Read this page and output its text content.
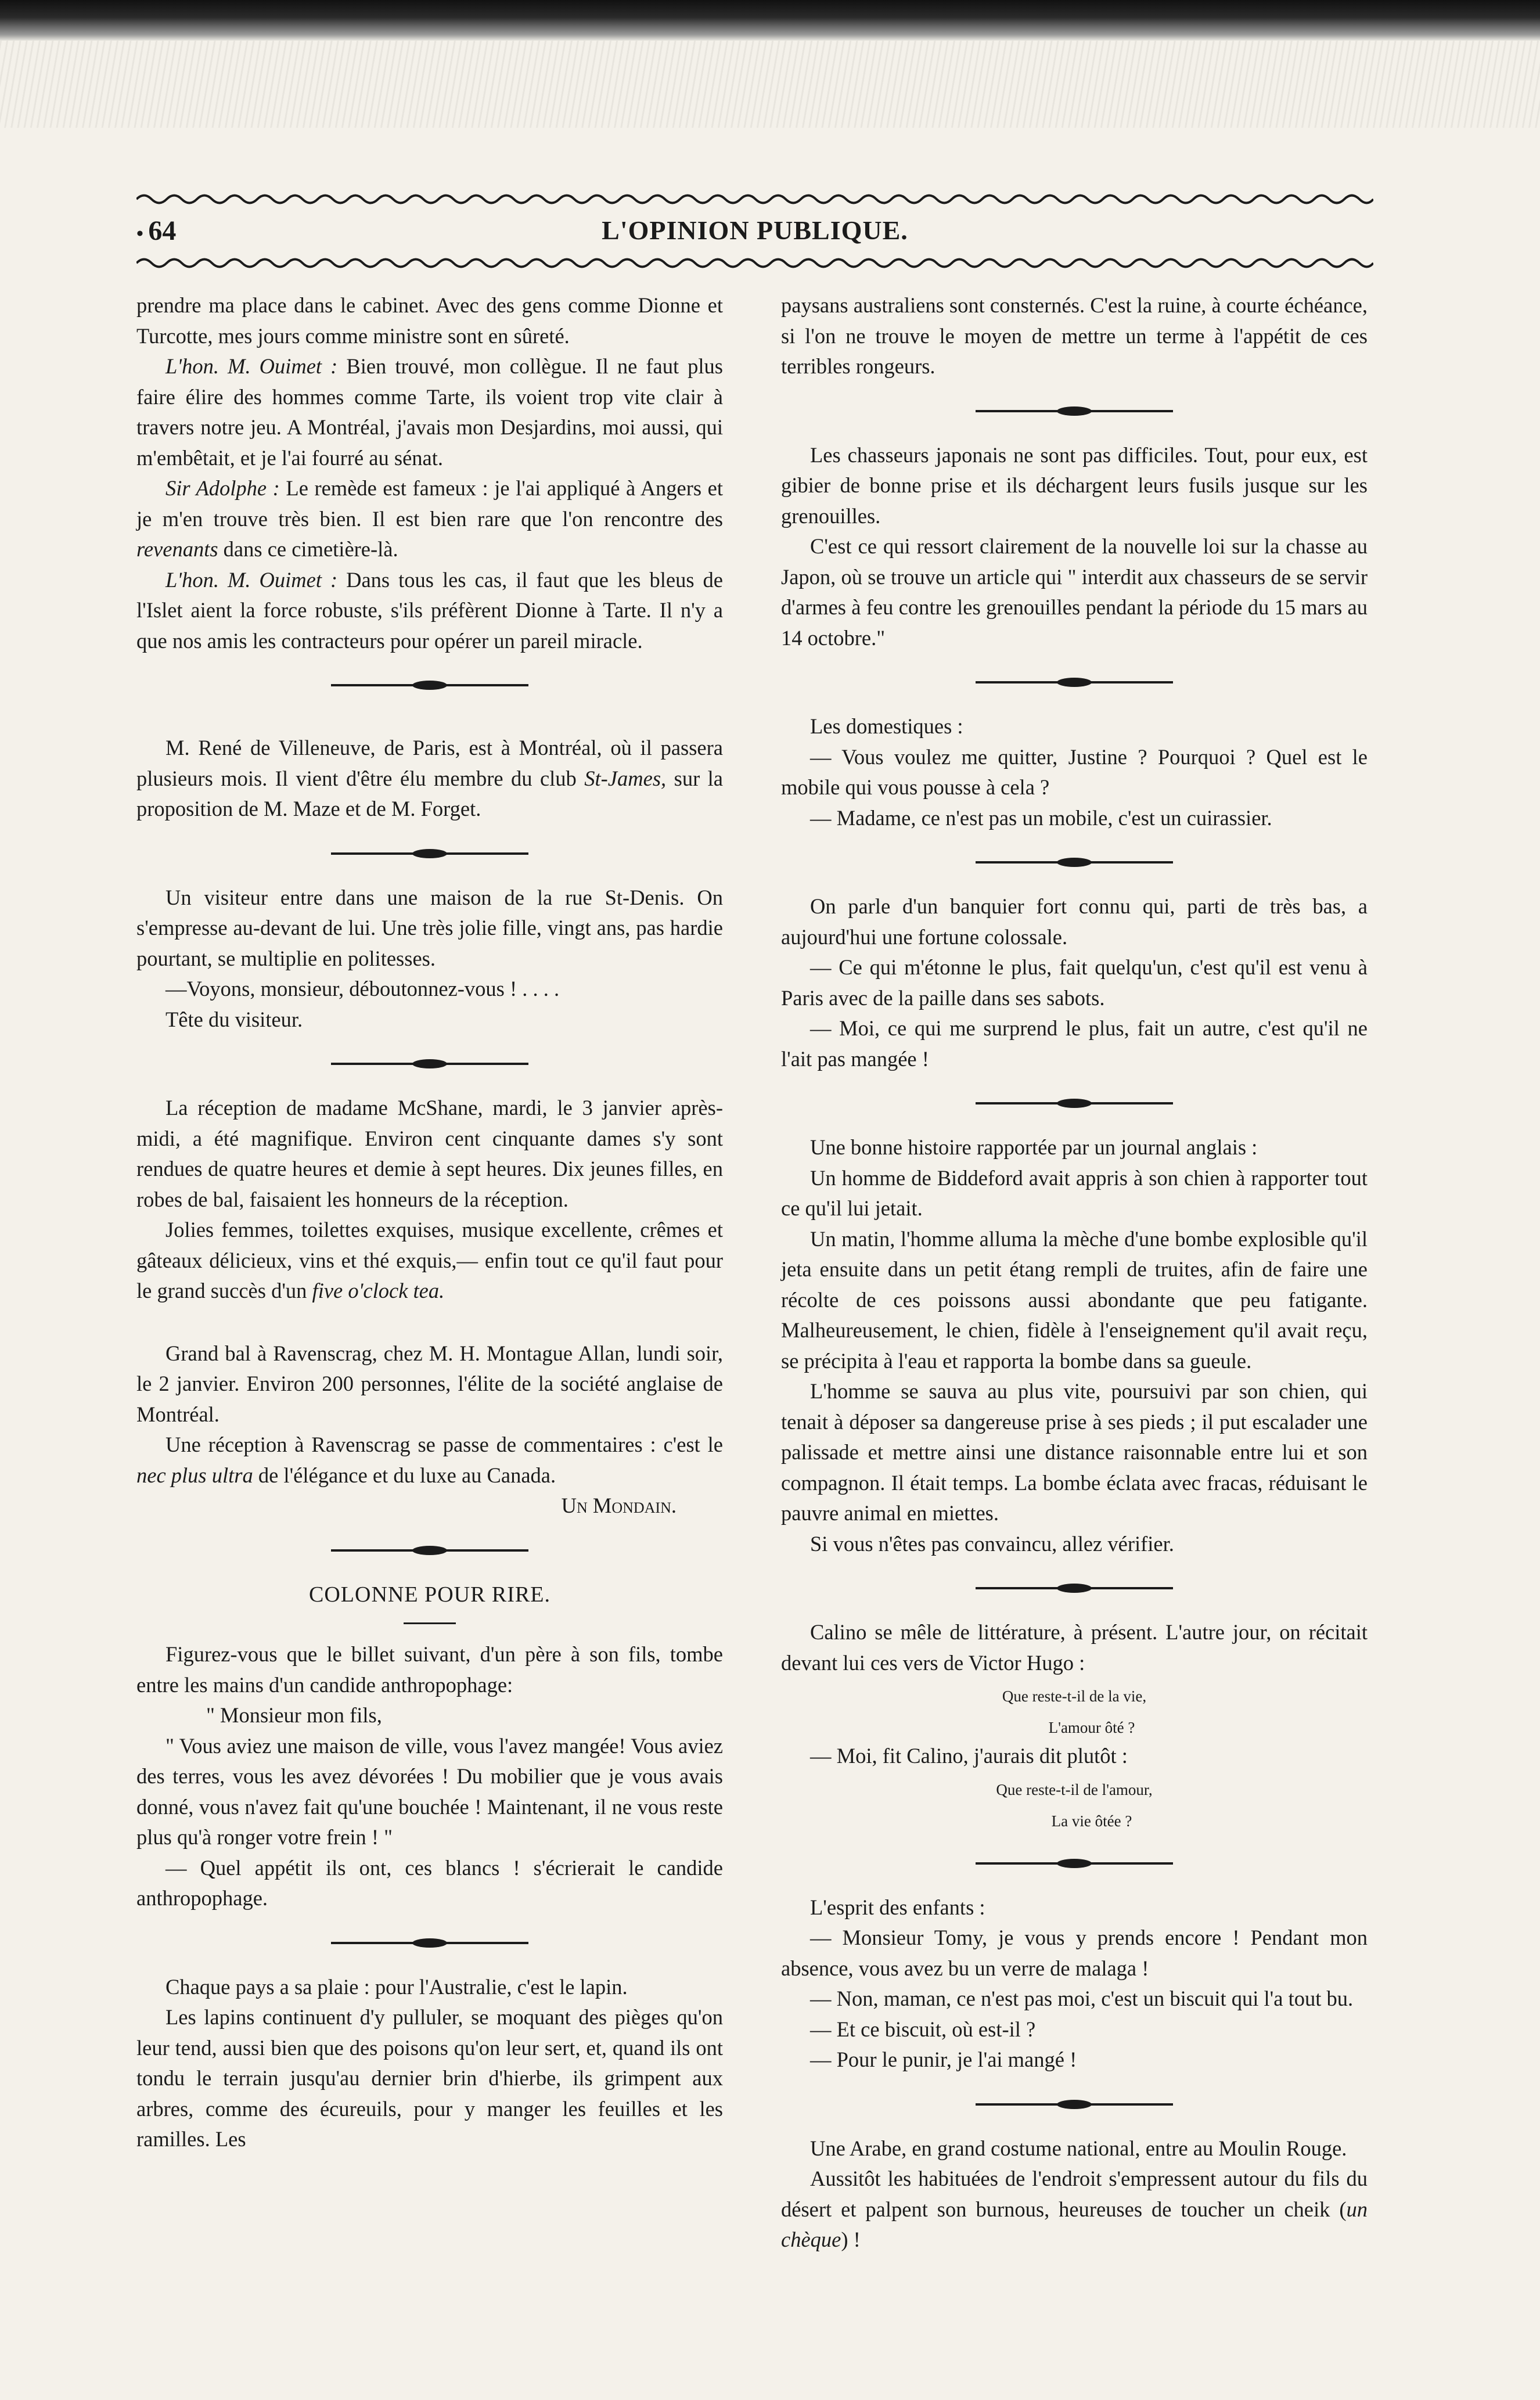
• 64	L'OPINION PUBLIQUE.

prendre ma place dans le cabinet. Avec des gens comme Dionne et Turcotte, mes jours comme ministre sont en sûreté.

L'hon. M. Ouimet : Bien trouvé, mon collègue. Il ne faut plus faire élire des hommes comme Tarte, ils voient trop vite clair à travers notre jeu. A Montréal, j'avais mon Desjardins, moi aussi, qui m'embêtait, et je l'ai fourré au sénat.

Sir Adolphe : Le remède est fameux : je l'ai appliqué à Angers et je m'en trouve très bien. Il est bien rare que l'on rencontre des revenants dans ce cimetière-là.

L'hon. M. Ouimet : Dans tous les cas, il faut que les bleus de l'Islet aient la force robuste, s'ils préfèrent Dionne à Tarte. Il n'y a que nos amis les contracteurs pour opérer un pareil miracle.

M. René de Villeneuve, de Paris, est à Montréal, où il passera plusieurs mois. Il vient d'être élu membre du club St-James, sur la proposition de M. Maze et de M. Forget.

Un visiteur entre dans une maison de la rue St-Denis. On s'empresse au-devant de lui. Une très jolie fille, vingt ans, pas hardie pourtant, se multiplie en politesses.

—Voyons, monsieur, déboutonnez-vous ! . . . .

Tête du visiteur.

La réception de madame McShane, mardi, le 3 janvier après-midi, a été magnifique. Environ cent cinquante dames s'y sont rendues de quatre heures et demie à sept heures. Dix jeunes filles, en robes de bal, faisaient les honneurs de la réception.

Jolies femmes, toilettes exquises, musique excellente, crêmes et gâteaux délicieux, vins et thé exquis,— enfin tout ce qu'il faut pour le grand succès d'un five o'clock tea.

Grand bal à Ravenscrag, chez M. H. Montague Allan, lundi soir, le 2 janvier. Environ 200 personnes, l'élite de la société anglaise de Montréal.

Une réception à Ravenscrag se passe de commentaires : c'est le nec plus ultra de l'élégance et du luxe au Canada.

Un Mondain.

COLONNE POUR RIRE.

Figurez-vous que le billet suivant, d'un père à son fils, tombe entre les mains d'un candide anthropophage:

" Monsieur mon fils,

" Vous aviez une maison de ville, vous l'avez mangée! Vous aviez des terres, vous les avez dévorées ! Du mobilier que je vous avais donné, vous n'avez fait qu'une bouchée ! Maintenant, il ne vous reste plus qu'à ronger votre frein ! "

— Quel appétit ils ont, ces blancs ! s'écrierait le candide anthropophage.

Chaque pays a sa plaie : pour l'Australie, c'est le lapin.

Les lapins continuent d'y pulluler, se moquant des pièges qu'on leur tend, aussi bien que des poisons qu'on leur sert, et, quand ils ont tondu le terrain jusqu'au dernier brin d'hierbe, ils grimpent aux arbres, comme des écureuils, pour y manger les feuilles et les ramilles. Les

paysans australiens sont consternés. C'est la ruine, à courte échéance, si l'on ne trouve le moyen de mettre un terme à l'appétit de ces terribles rongeurs.

Les chasseurs japonais ne sont pas difficiles. Tout, pour eux, est gibier de bonne prise et ils déchargent leurs fusils jusque sur les grenouilles.

C'est ce qui ressort clairement de la nouvelle loi sur la chasse au Japon, où se trouve un article qui " interdit aux chasseurs de se servir d'armes à feu contre les grenouilles pendant la période du 15 mars au 14 octobre."

Les domestiques :

— Vous voulez me quitter, Justine ? Pourquoi ? Quel est le mobile qui vous pousse à cela ?

— Madame, ce n'est pas un mobile, c'est un cuirassier.

On parle d'un banquier fort connu qui, parti de très bas, a aujourd'hui une fortune colossale.

— Ce qui m'étonne le plus, fait quelqu'un, c'est qu'il est venu à Paris avec de la paille dans ses sabots.

— Moi, ce qui me surprend le plus, fait un autre, c'est qu'il ne l'ait pas mangée !

Une bonne histoire rapportée par un journal anglais :

Un homme de Biddeford avait appris à son chien à rapporter tout ce qu'il lui jetait.

Un matin, l'homme alluma la mèche d'une bombe explosible qu'il jeta ensuite dans un petit étang rempli de truites, afin de faire une récolte de ces poissons aussi abondante que peu fatigante. Malheureusement, le chien, fidèle à l'enseignement qu'il avait reçu, se précipita à l'eau et rapporta la bombe dans sa gueule.

L'homme se sauva au plus vite, poursuivi par son chien, qui tenait à déposer sa dangereuse prise à ses pieds ; il put escalader une palissade et mettre ainsi une distance raisonnable entre lui et son compagnon. Il était temps. La bombe éclata avec fracas, réduisant le pauvre animal en miettes.

Si vous n'êtes pas convaincu, allez vérifier.

Calino se mêle de littérature, à présent. L'autre jour, on récitait devant lui ces vers de Victor Hugo :

Que reste-t-il de la vie,

L'amour ôté ?

— Moi, fit Calino, j'aurais dit plutôt :

Que reste-t-il de l'amour,

La vie ôtée ?

L'esprit des enfants :

— Monsieur Tomy, je vous y prends encore ! Pendant mon absence, vous avez bu un verre de malaga !

— Non, maman, ce n'est pas moi, c'est un biscuit qui l'a tout bu.

— Et ce biscuit, où est-il ?

— Pour le punir, je l'ai mangé !

Une Arabe, en grand costume national, entre au Moulin Rouge.

Aussitôt les habituées de l'endroit s'empressent autour du fils du désert et palpent son burnous, heureuses de toucher un cheik (un chèque) !
